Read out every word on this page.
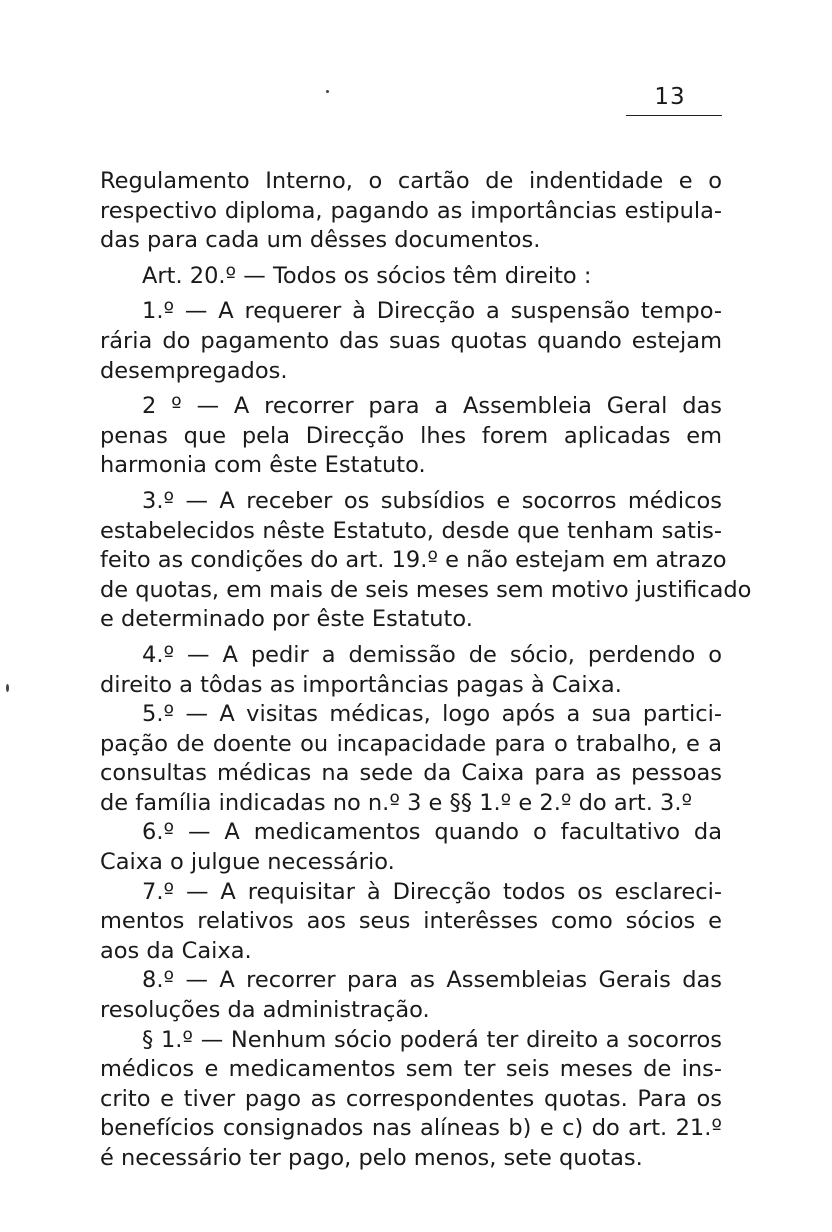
13
Regulamento Interno, o cartão de indentidade e o
respectivo diploma, pagando as importâncias estipula-
das para cada um dêsses documentos.
Art. 20.º — Todos os sócios têm direito :
1.º — A requerer à Direcção a suspensão tempo-
rária do pagamento das suas quotas quando estejam
desempregados.
2 º — A recorrer para a Assembleia Geral das
penas que pela Direcção lhes forem aplicadas em
harmonia com êste Estatuto.
3.º — A receber os subsídios e socorros médicos
estabelecidos nêste Estatuto, desde que tenham satis-
feito as condições do art. 19.º e não estejam em atrazo
de quotas, em mais de seis meses sem motivo justificado
e determinado por êste Estatuto.
4.º — A pedir a demissão de sócio, perdendo o
direito a tôdas as importâncias pagas à Caixa.
5.º — A visitas médicas, logo após a sua partici-
pação de doente ou incapacidade para o trabalho, e a
consultas médicas na sede da Caixa para as pessoas
de família indicadas no n.º 3 e §§ 1.º e 2.º do art. 3.º
6.º — A medicamentos quando o facultativo da
Caixa o julgue necessário.
7.º — A requisitar à Direcção todos os esclareci-
mentos relativos aos seus interêsses como sócios e
aos da Caixa.
8.º — A recorrer para as Assembleias Gerais das
resoluções da administração.
§ 1.º — Nenhum sócio poderá ter direito a socorros
médicos e medicamentos sem ter seis meses de ins-
crito e tiver pago as correspondentes quotas. Para os
benefícios consignados nas alíneas b) e c) do art. 21.º
é necessário ter pago, pelo menos, sete quotas.
